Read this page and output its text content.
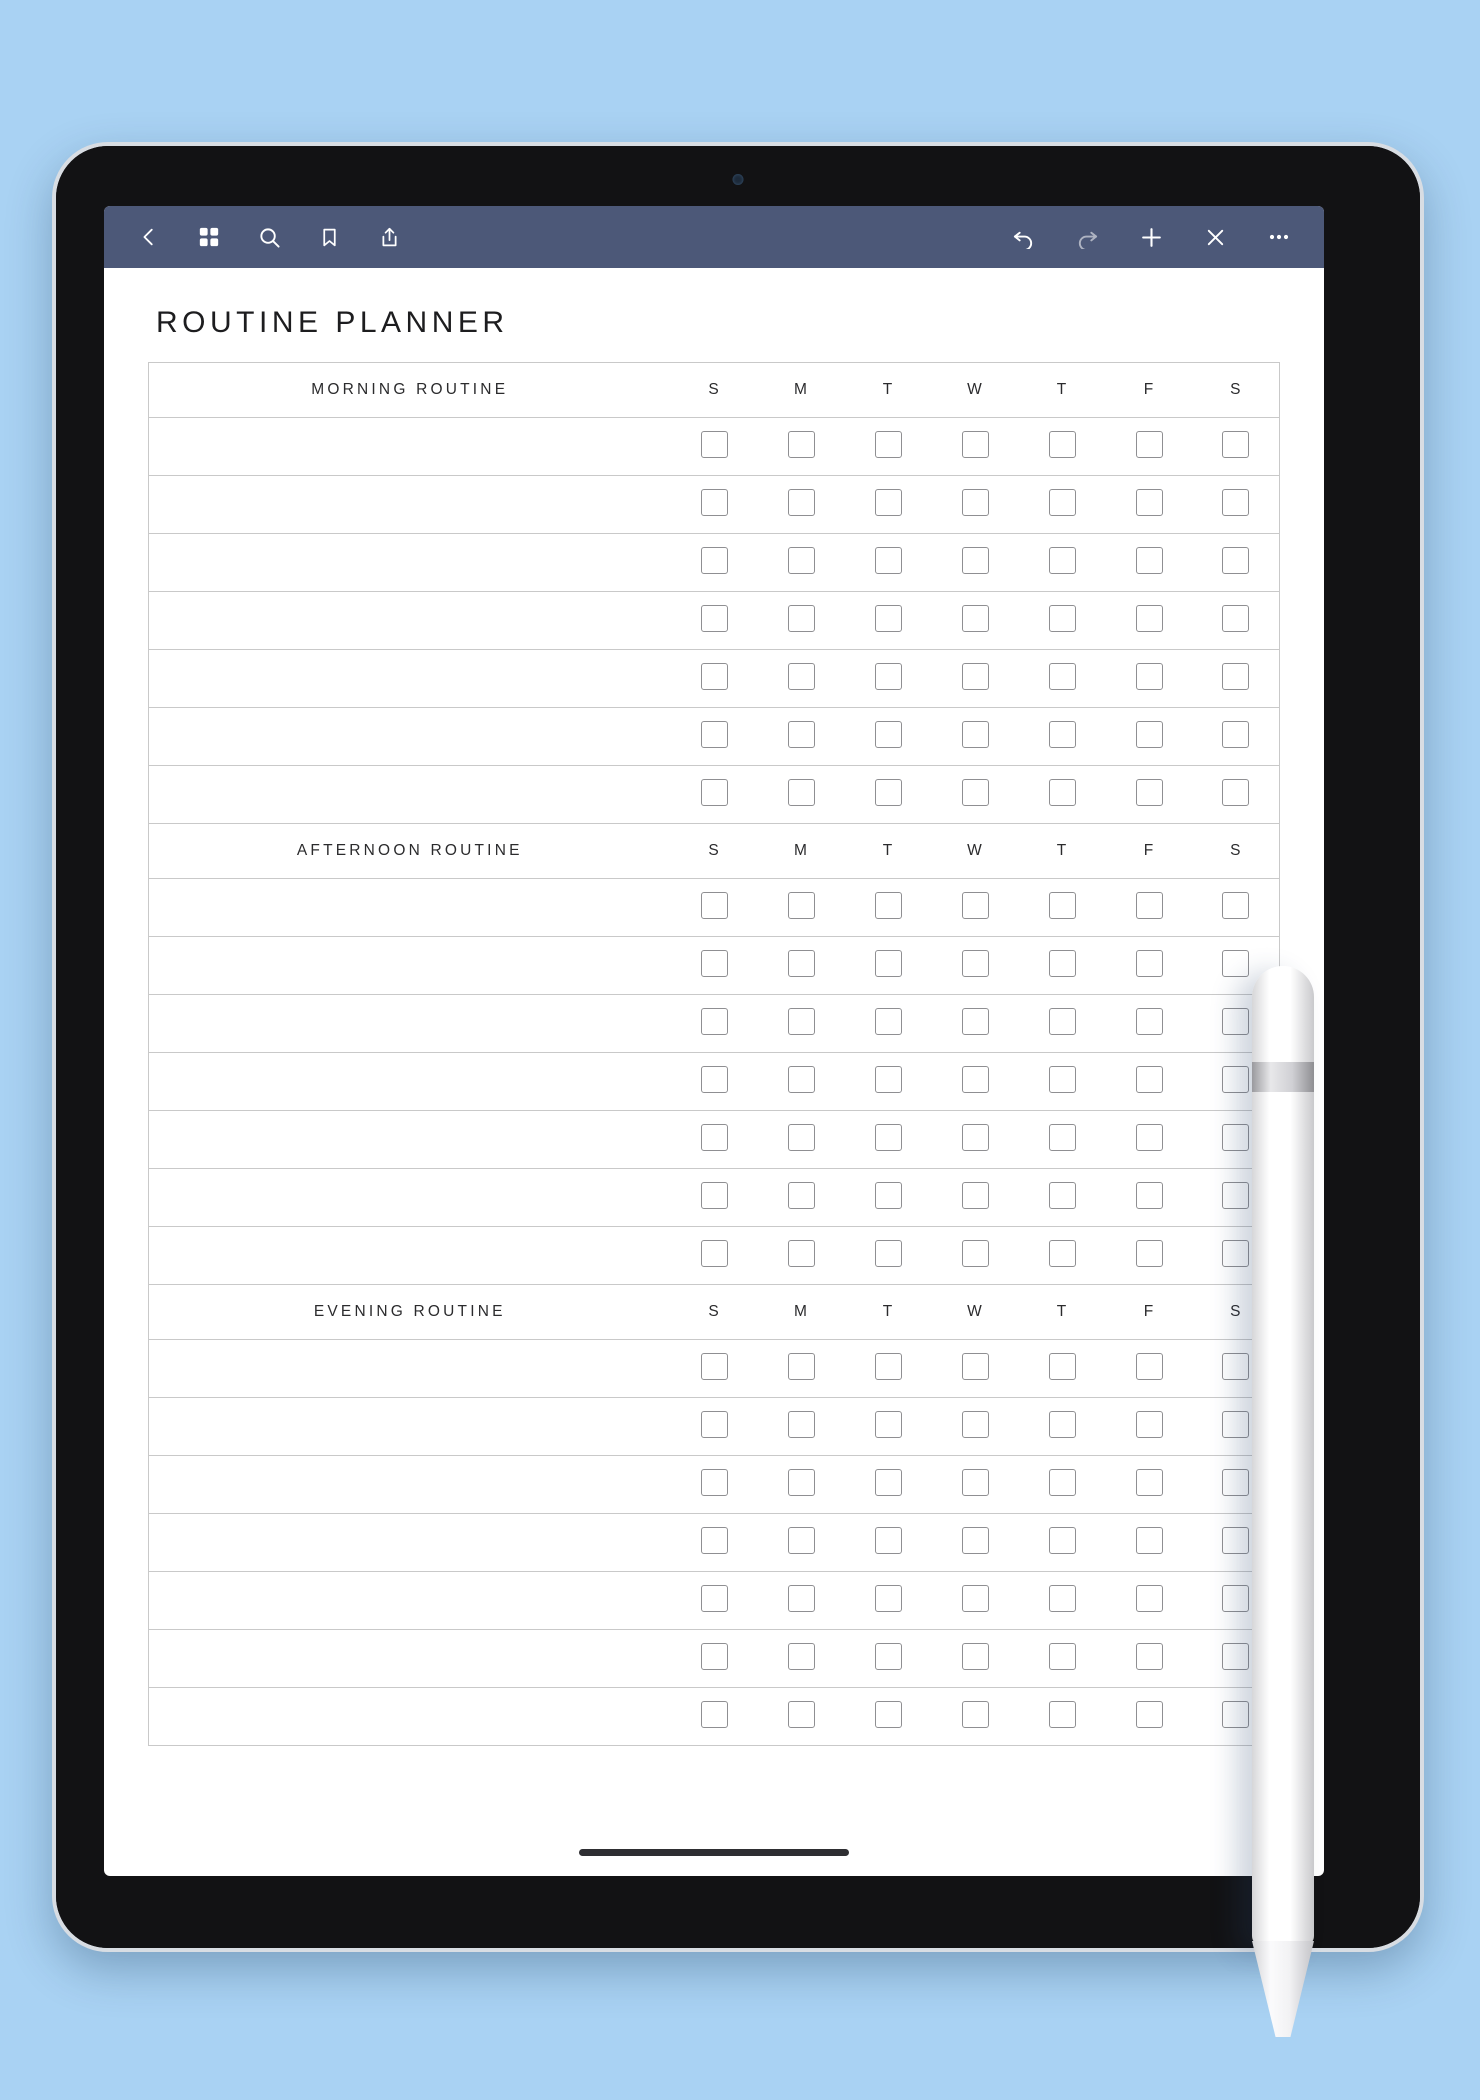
ROUTINE PLANNER
MORNING ROUTINE	S	M	T	W	T	F	S

AFTERNOON ROUTINE	S	M	T	W	T	F	S

EVENING ROUTINE	S	M	T	W	T	F	S
